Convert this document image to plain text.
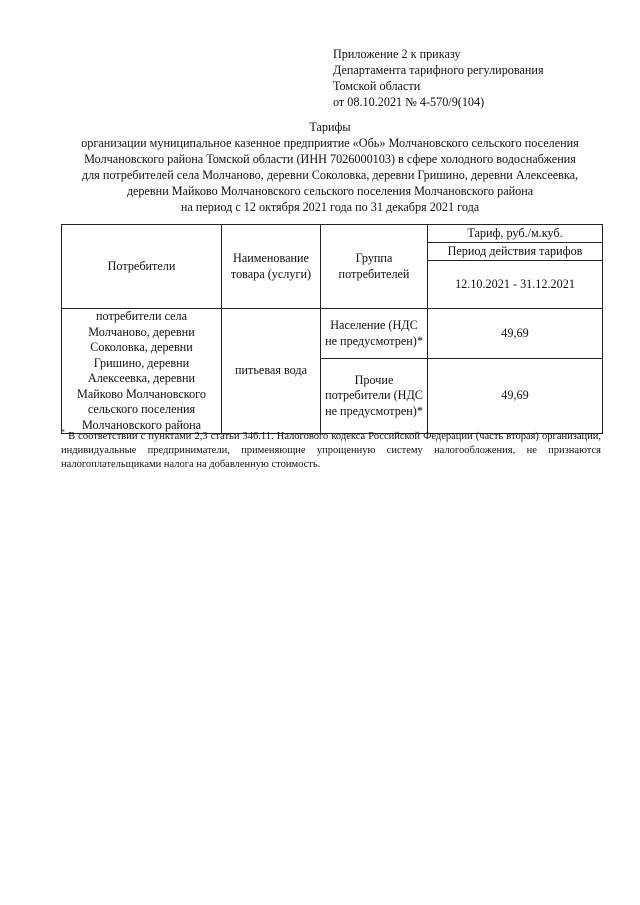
Приложение 2 к приказу
Департамента тарифного регулирования
Томской области
от 08.10.2021 № 4-570/9(104)
Тарифы
организации муниципальное казенное предприятие «Обь» Молчановского сельского поселения
Молчановского района Томской области (ИНН 7026000103) в сфере холодного водоснабжения
для потребителей села Молчаново, деревни Соколовка, деревни Гришино, деревни Алексеевка,
деревни Майково Молчановского сельского поселения Молчановского района
на период с 12 октября 2021 года по 31 декабря 2021 года
Потребители	Наименование товара (услуги)	Группа потребителей	Тариф, руб./м.куб.
			Период действия тарифов
			12.10.2021 - 31.12.2021
потребители села Молчаново, деревни Соколовка, деревни Гришино, деревни Алексеевка, деревни Майково Молчановского сельского поселения Молчановского района	питьевая вода	Население (НДС не предусмотрен)*	49,69
		Прочие потребители (НДС не предусмотрен)*	49,69
* В соответствии с пунктами 2,3 статьи 346.11. Налогового кодекса Российской Федерации (часть вторая) организации, индивидуальные предприниматели, применяющие упрощенную систему налогообложения, не признаются налогоплательщиками налога на добавленную стоимость.
